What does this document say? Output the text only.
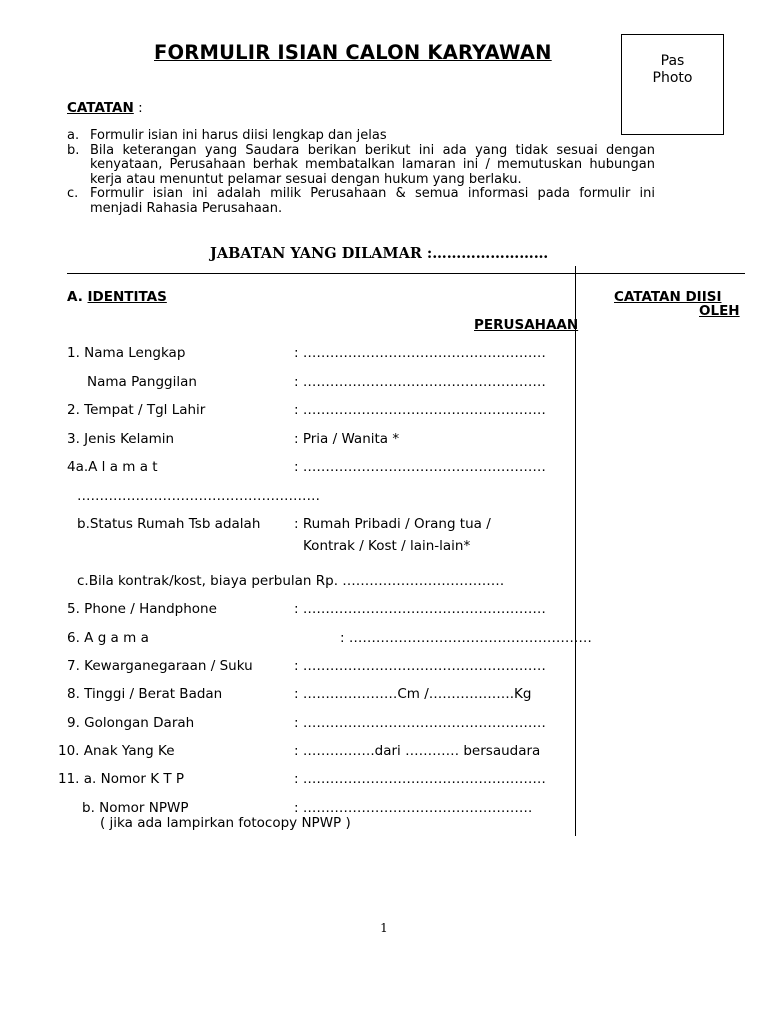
FORMULIR ISIAN CALON KARYAWAN	Pas
Photo
CATATAN :
a. Formulir isian ini harus diisi lengkap dan jelas
b. Bila keterangan yang Saudara berikan berikut ini ada yang tidak sesuai dengan kenyataan, Perusahaan berhak membatalkan lamaran ini / memutuskan hubungan kerja atau menuntut pelamar sesuai dengan hukum yang berlaku.
c. Formulir isian ini adalah milik Perusahaan & semua informasi pada formulir ini menjadi Rahasia Perusahaan.
JABATAN YANG DILAMAR :……………………
A. IDENTITAS	CATATAN DIISI
OLEH
PERUSAHAAN
1. Nama Lengkap	: ………………………………………………
Nama Panggilan	: ………………………………………………
2. Tempat / Tgl Lahir	: ………………………………………………
3. Jenis Kelamin	: Pria / Wanita *
4a.A l a m a t	: ………………………………………………
………………………………………………
b.Status Rumah Tsb adalah : Rumah Pribadi / Orang tua /
Kontrak / Kost / lain-lain*
c.Bila kontrak/kost, biaya perbulan Rp. ………………………………
5. Phone / Handphone	: ………………………………………………
6. A g a m a	: ………………………………………………
7. Kewarganegaraan / Suku	: ………………………………………………
8. Tinggi / Berat Badan	: …………………Cm /……………….Kg
9. Golongan Darah	: ………………………………………………
10. Anak Yang Ke	: …………….dari ………… bersaudara
11. a. Nomor K T P	: ………………………………………………
b. Nomor NPWP	: ……………………………………………
( jika ada lampirkan fotocopy NPWP )
1
